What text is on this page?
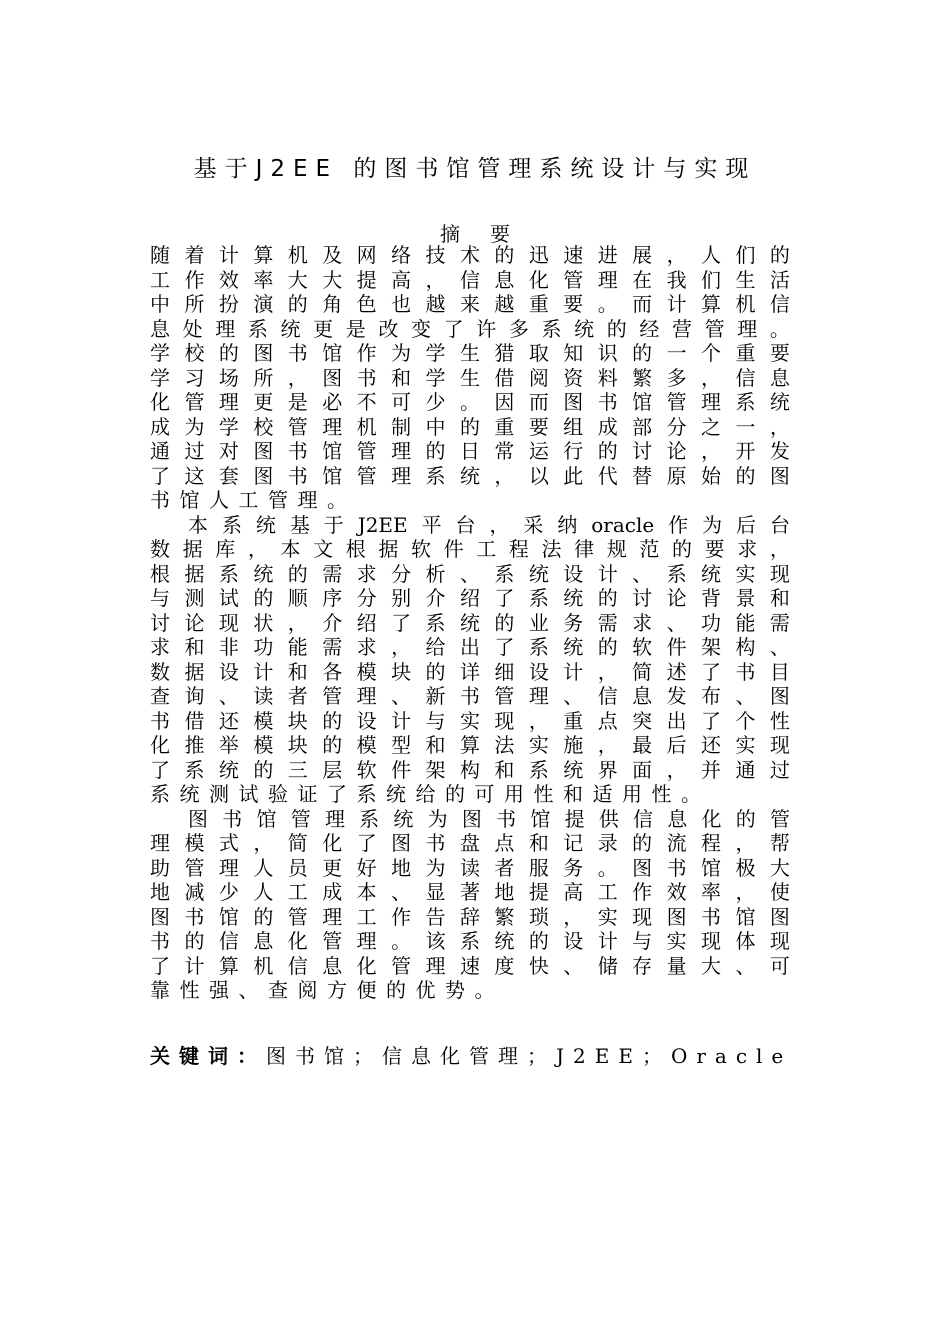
基于J2EE 的图书馆管理系统设计与实现
摘要
随 着 计 算 机 及 网 络 技 术 的 迅 速 进 展 ， 人 们 的
工 作 效 率 大 大 提 高 ， 信 息 化 管 理 在 我 们 生 活
中 所 扮 演 的 角 色 也 越 来 越 重 要 。 而 计 算 机 信
息 处 理 系 统 更 是 改 变 了 许 多 系 统 的 经 营 管 理 。
学 校 的 图 书 馆 作 为 学 生 猎 取 知 识 的 一 个 重 要
学 习 场 所 ， 图 书 和 学 生 借 阅 资 料 繁 多 ， 信 息
化 管 理 更 是 必 不 可 少 。 因 而 图 书 馆 管 理 系 统
成 为 学 校 管 理 机 制 中 的 重 要 组 成 部 分 之 一 ，
通 过 对 图 书 馆 管 理 的 日 常 运 行 的 讨 论 ， 开 发
了 这 套 图 书 馆 管 理 系 统 ， 以 此 代 替 原 始 的 图
书 馆 人 工 管 理 。
本 系 统 基 于 J2EE 平 台 ， 采 纳 oracle 作 为 后 台
数 据 库 ， 本 文 根 据 软 件 工 程 法 律 规 范 的 要 求 ，
根 据 系 统 的 需 求 分 析 、 系 统 设 计 、 系 统 实 现
与 测 试 的 顺 序 分 别 介 绍 了 系 统 的 讨 论 背 景 和
讨 论 现 状 ， 介 绍 了 系 统 的 业 务 需 求 、 功 能 需
求 和 非 功 能 需 求 ， 给 出 了 系 统 的 软 件 架 构 、
数 据 设 计 和 各 模 块 的 详 细 设 计 ， 简 述 了 书 目
查 询 、 读 者 管 理 、 新 书 管 理 、 信 息 发 布 、 图
书 借 还 模 块 的 设 计 与 实 现 ， 重 点 突 出 了 个 性
化 推 举 模 块 的 模 型 和 算 法 实 施 ， 最 后 还 实 现
了 系 统 的 三 层 软 件 架 构 和 系 统 界 面 ， 并 通 过
系 统 测 试 验 证 了 系 统 给 的 可 用 性 和 适 用 性 。
图 书 馆 管 理 系 统 为 图 书 馆 提 供 信 息 化 的 管
理 模 式 ， 简 化 了 图 书 盘 点 和 记 录 的 流 程 ， 帮
助 管 理 人 员 更 好 地 为 读 者 服 务 。 图 书 馆 极 大
地 减 少 人 工 成 本 、 显 著 地 提 高 工 作 效 率 ， 使
图 书 馆 的 管 理 工 作 告 辞 繁 琐 ， 实 现 图 书 馆 图
书 的 信 息 化 管 理 。 该 系 统 的 设 计 与 实 现 体 现
了 计 算 机 信 息 化 管 理 速 度 快 、 储 存 量 大 、 可
靠 性 强 、 查 阅 方 便 的 优 势 。
关键词：图书馆；信息化管理；J2EE；Oracle
